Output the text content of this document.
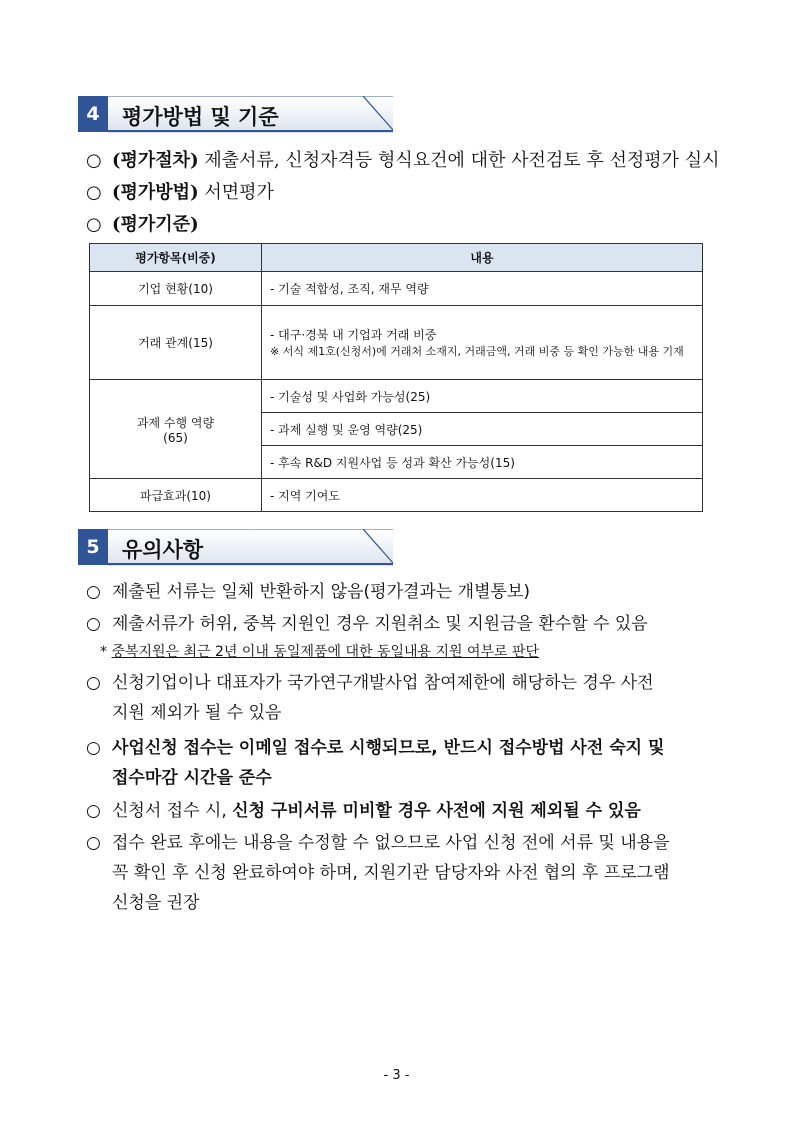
4	평가방법 및 기준
○ (평가절차) 제출서류, 신청자격등 형식요건에 대한 사전검토 후 선정평가 실시
○ (평가방법) 서면평가
○ (평가기준)
평가항목(비중)	내용
기업 현황(10)	- 기술 적합성, 조직, 재무 역량
거래 관계(15)	- 대구·경북 내 기업과 거래 비중
※ 서식 제1호(신청서)에 거래처 소재지, 거래금액, 거래 비중 등 확인 가능한 내용 기재

과제 수행 역량
(65)	- 기술성 및 사업화 가능성(25)
	- 과제 실행 및 운영 역량(25)
	- 후속 R&D 지원사업 등 성과 확산 가능성(15)
파급효과(10)	- 지역 기여도
5	유의사항
○ 제출된 서류는 일체 반환하지 않음(평가결과는 개별통보)
○ 제출서류가 허위, 중복 지원인 경우 지원취소 및 지원금을 환수할 수 있음
* 중복지원은 최근 2년 이내 동일제품에 대한 동일내용 지원 여부로 판단
○ 신청기업이나 대표자가 국가연구개발사업 참여제한에 해당하는 경우 사전
지원 제외가 될 수 있음
○ 사업신청 접수는 이메일 접수로 시행되므로, 반드시 접수방법 사전 숙지 및
접수마감 시간을 준수
○ 신청서 접수 시, 신청 구비서류 미비할 경우 사전에 지원 제외될 수 있음
○ 접수 완료 후에는 내용을 수정할 수 없으므로 사업 신청 전에 서류 및 내용을
꼭 확인 후 신청 완료하여야 하며, 지원기관 담당자와 사전 협의 후 프로그램
신청을 권장
- 3 -
